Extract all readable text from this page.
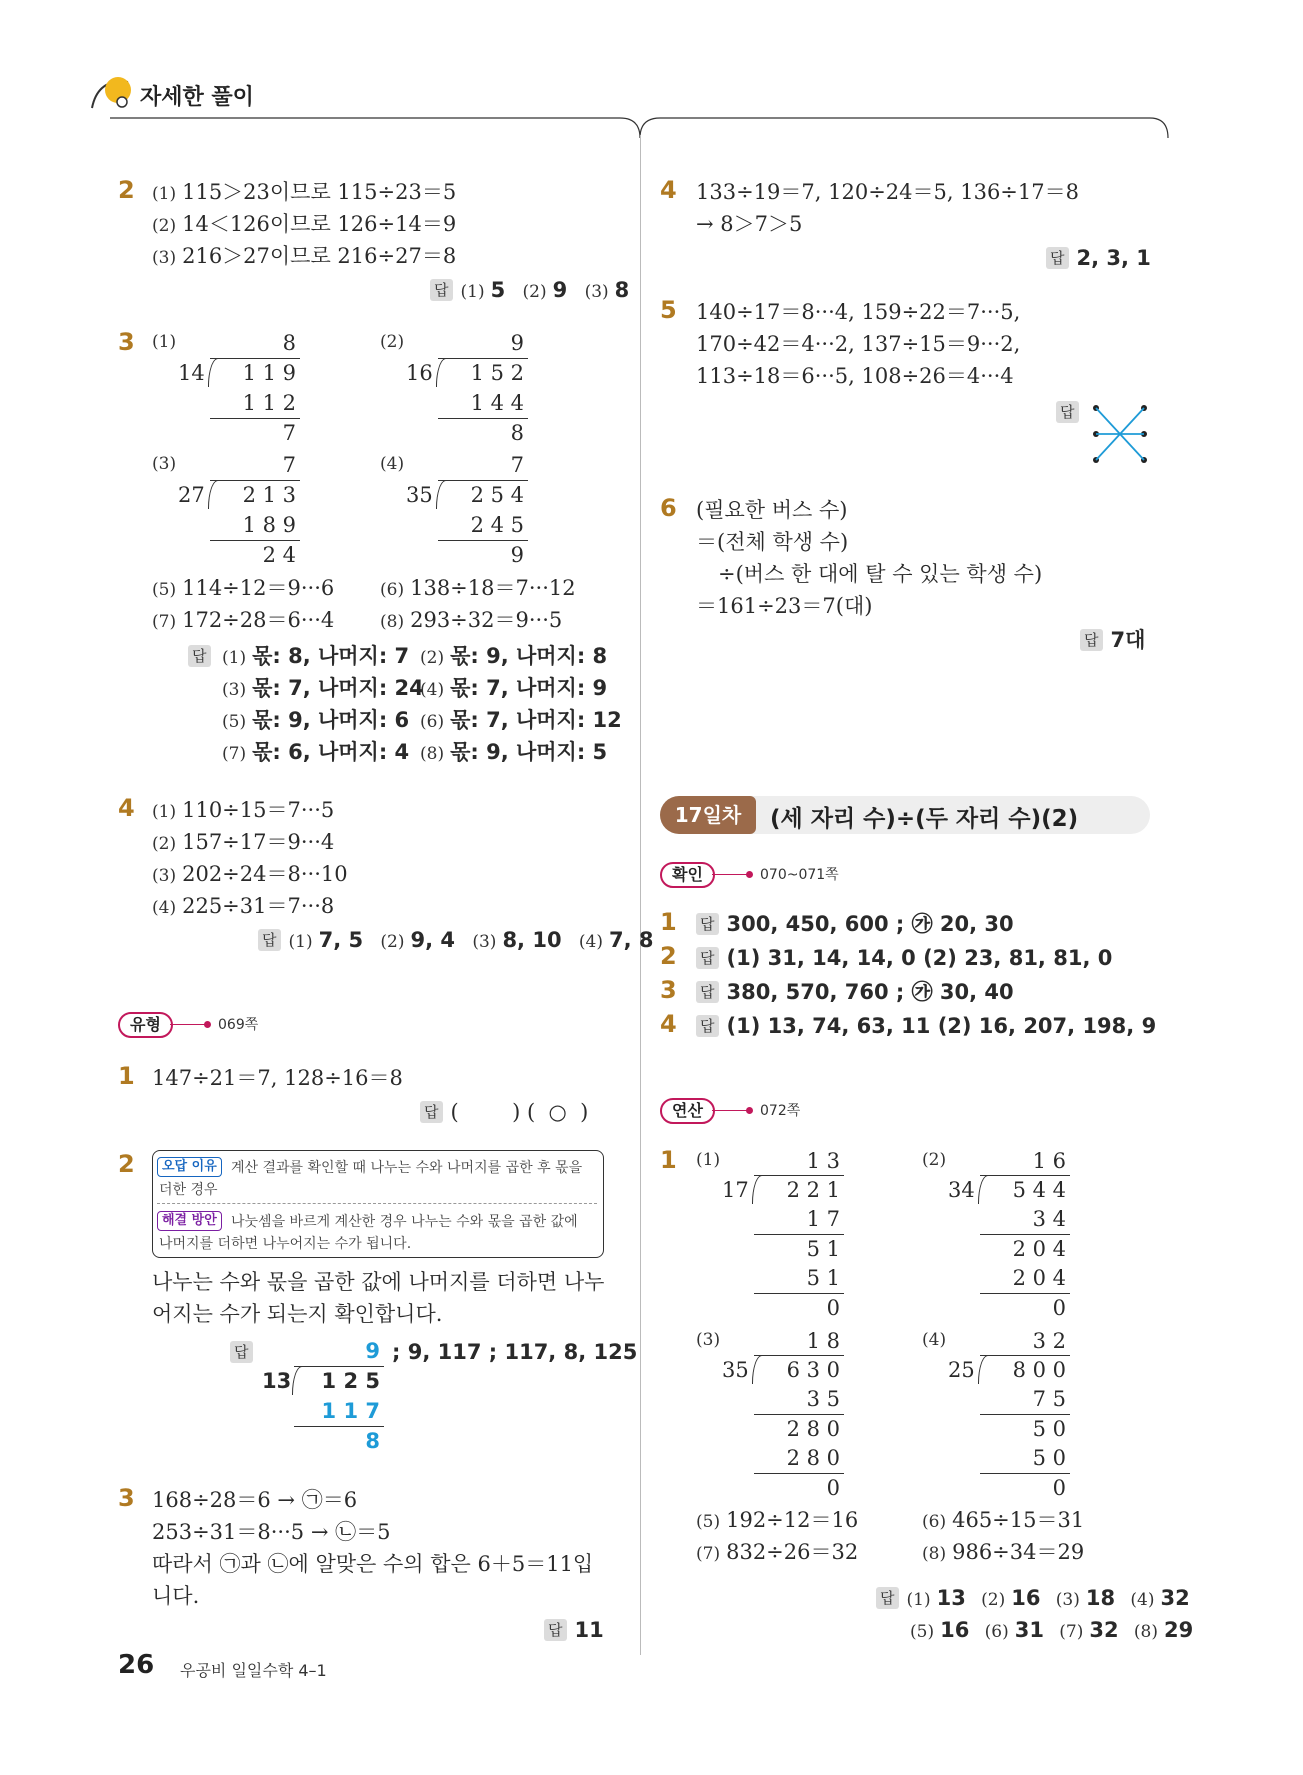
자세한 풀이
2 (1) 115＞23이므로 115÷23＝5
(2) 14＜126이므로 126÷14＝9
(3) 216＞27이므로 216÷27＝8
답 (1) 5 (2) 9 (3) 8
3 (1)	8
14	1 1 9
1 1 2
7
(2)	9
16	1 5 2
1 4 4
8
(3)	7
27	2 1 3
1 8 9
2 4
(4)	7
35	2 5 4
2 4 5
9
(5) 114÷12＝9···6	(6) 138÷18＝7···12
(7) 172÷28＝6···4	(8) 293÷32＝9···5
답 (1) 몫: 8, 나머지: 7 (2) 몫: 9, 나머지: 8
(3) 몫: 7, 나머지: 24
(4) 몫: 7, 나머지: 9
(5) 몫: 9, 나머지: 6 (6) 몫: 7, 나머지: 12
(7) 몫: 6, 나머지: 4 (8) 몫: 9, 나머지: 5
4 (1) 110÷15＝7···5
(2) 157÷17＝9···4
(3) 202÷24＝8···10
(4) 225÷31＝7···8
답 (1) 7, 5 (2) 9, 4 (3) 8, 10 (4) 7, 8
유형	069쪽
1 147÷21＝7, 128÷16＝8
답 (        ) (  ○  )
2	오답 이유	계산 결과를 확인할 때 나누는 수와 나머지를 곱한 후 몫을
더한 경우
해결 방안	나눗셈을 바르게 계산한 경우 나누는 수와 몫을 곱한 값에
나머지를 더하면 나누어지는 수가 됩니다.
나누는 수와 몫을 곱한 값에 나머지를 더하면 나누
어지는 수가 되는지 확인합니다.
답	9
13	1 2 5
1 1 7
8
; 9, 117 ; 117, 8, 125
3 168÷28＝6 → ㉠＝6
253÷31＝8···5 → ㉡＝5
따라서 ㉠과 ㉡에 알맞은 수의 합은 6＋5＝11입
니다.
답 11
26 우공비 일일수학 4–1
4 133÷19＝7, 120÷24＝5, 136÷17＝8
→ 8＞7＞5
답 2, 3, 1
5 140÷17＝8···4, 159÷22＝7···5,
170÷42＝4···2, 137÷15＝9···2,
113÷18＝6···5, 108÷26＝4···4
답
6 (필요한 버스 수)
＝(전체 학생 수)
÷(버스 한 대에 탈 수 있는 학생 수)
＝161÷23＝7(대)
답 7대
17일차	(세 자리 수)÷(두 자리 수)(2)
확인	070~071쪽
1 답 300, 450, 600 ; ㉮ 20, 30
2 답 (1) 31, 14, 14, 0 (2) 23, 81, 81, 0
3 답 380, 570, 760 ; ㉮ 30, 40
4 답 (1) 13, 74, 63, 11 (2) 16, 207, 198, 9
연산	072쪽
1 (1)	1 3
17	2 2 1
1 7
5 1
5 1
0
(2)	1 6
34	5 4 4
3 4
2 0 4
2 0 4
0
(3)	1 8
35	6 3 0
3 5
2 8 0
2 8 0
0
(4)	3 2
25	8 0 0
7 5
5 0
5 0
0
(5) 192÷12＝16	(6) 465÷15＝31
(7) 832÷26＝32	(8) 986÷34＝29
답 (1) 13 (2) 16 (3) 18 (4) 32
(5) 16 (6) 31 (7) 32 (8) 29
